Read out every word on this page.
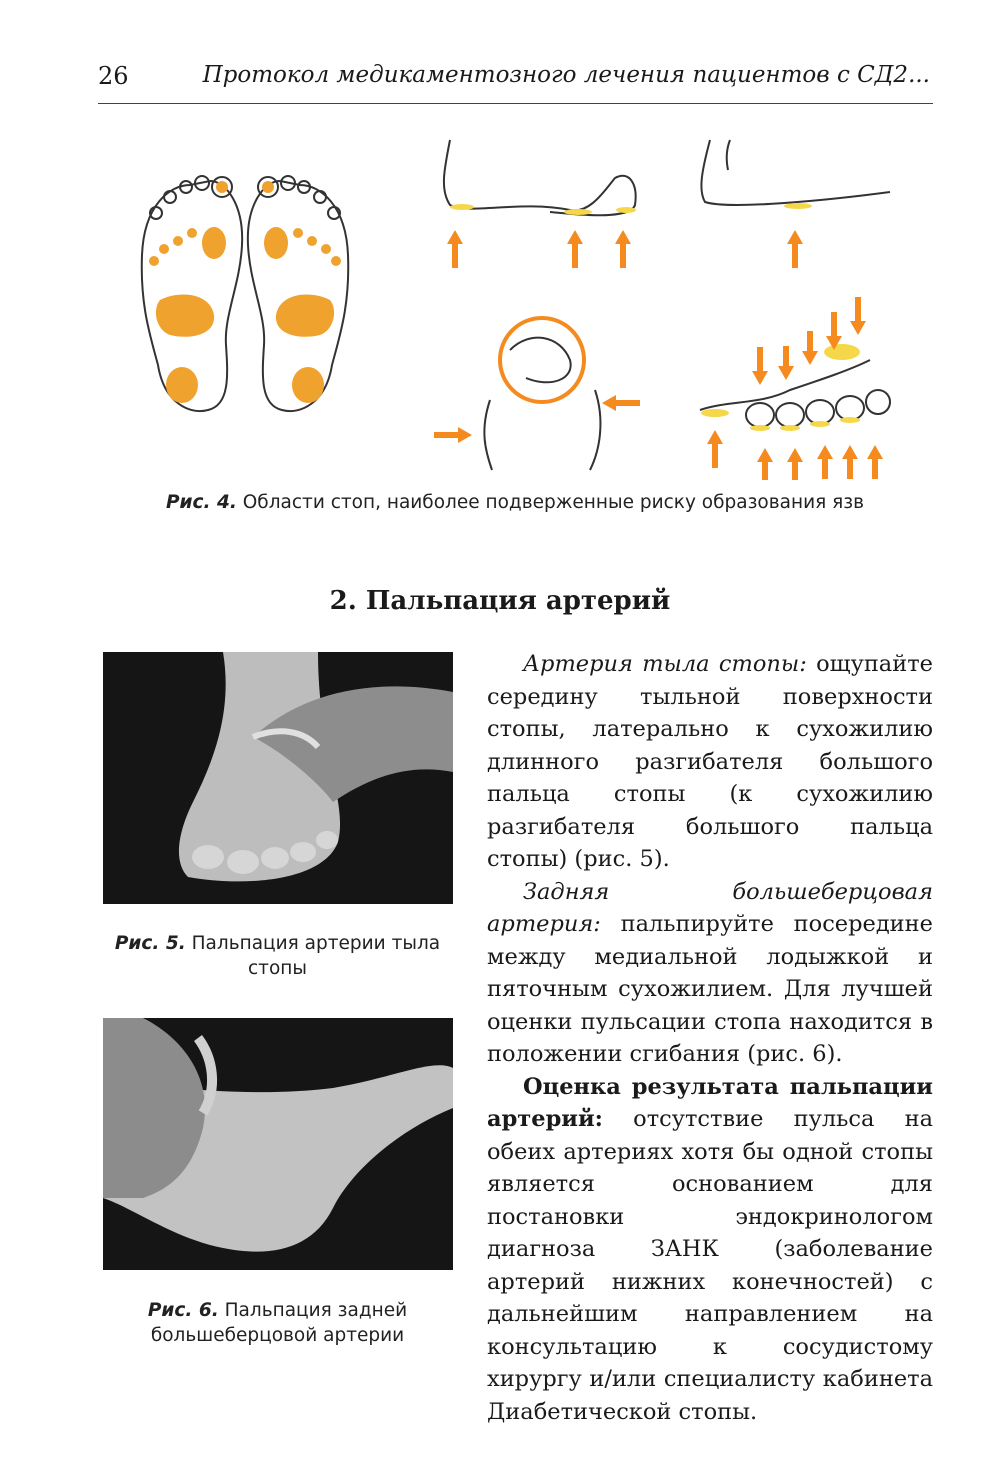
26	Протокол медикаментозного лечения пациентов с СД2...
Рис. 4. Области стоп, наиболее подверженные риску образования язв
2. Пальпация артерий
Рис. 5. Пальпация артерии тыла стопы
Рис. 6. Пальпация задней большеберцовой артерии

Артерия тыла стопы: ощупайте середину тыльной поверхности стопы, латерально к сухожилию длинного разгибателя большого пальца стопы (к сухожилию разгибателя большого пальца стопы) (рис. 5).

Задняя большеберцовая артерия: пальпируйте посередине между медиальной лодыжкой и пяточным сухожилием. Для лучшей оценки пульсации стопа находится в положении сгибания (рис. 6).

Оценка результата пальпации артерий: отсутствие пульса на обеих артериях хотя бы одной стопы является основанием для постановки эндокринологом диагноза ЗАНК (заболевание артерий нижних конечностей) с дальнейшим направлением на консультацию к сосудистому хирургу и/или специалисту кабинета Диабетической стопы.
